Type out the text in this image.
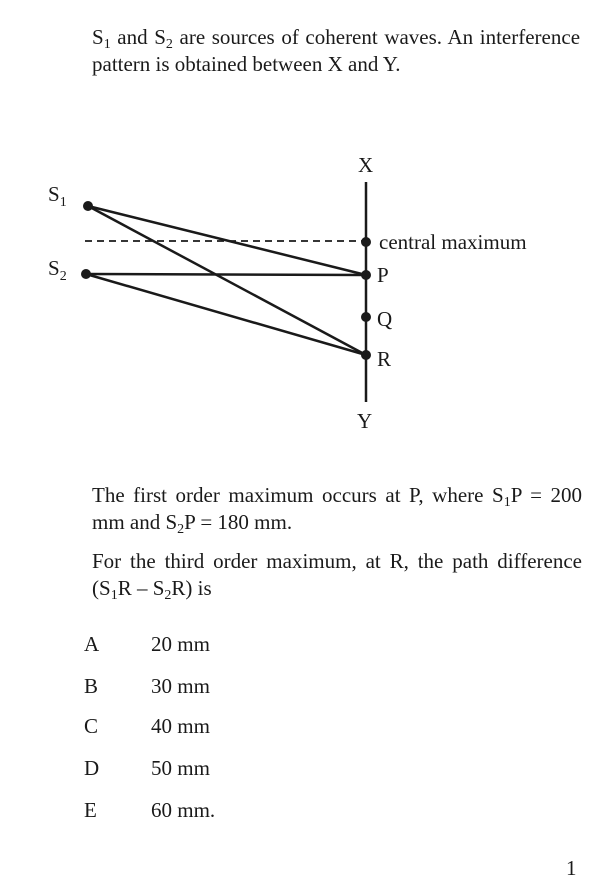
$S_1$ and $S_2$ are sources of coherent waves. An interference pattern is obtained between X and Y.

X
Y
$S_1$
$S_2$
central maximum
P
Q
R

The first order maximum occurs at P, where $S_1P = 200$ mm and $S_2P = 180$ mm.

For the third order maximum, at R, the path difference $(S_1R - S_2R)$ is

A 20 mm
B	30 mm
C	40 mm
D 50 mm
E	60 mm.
1
